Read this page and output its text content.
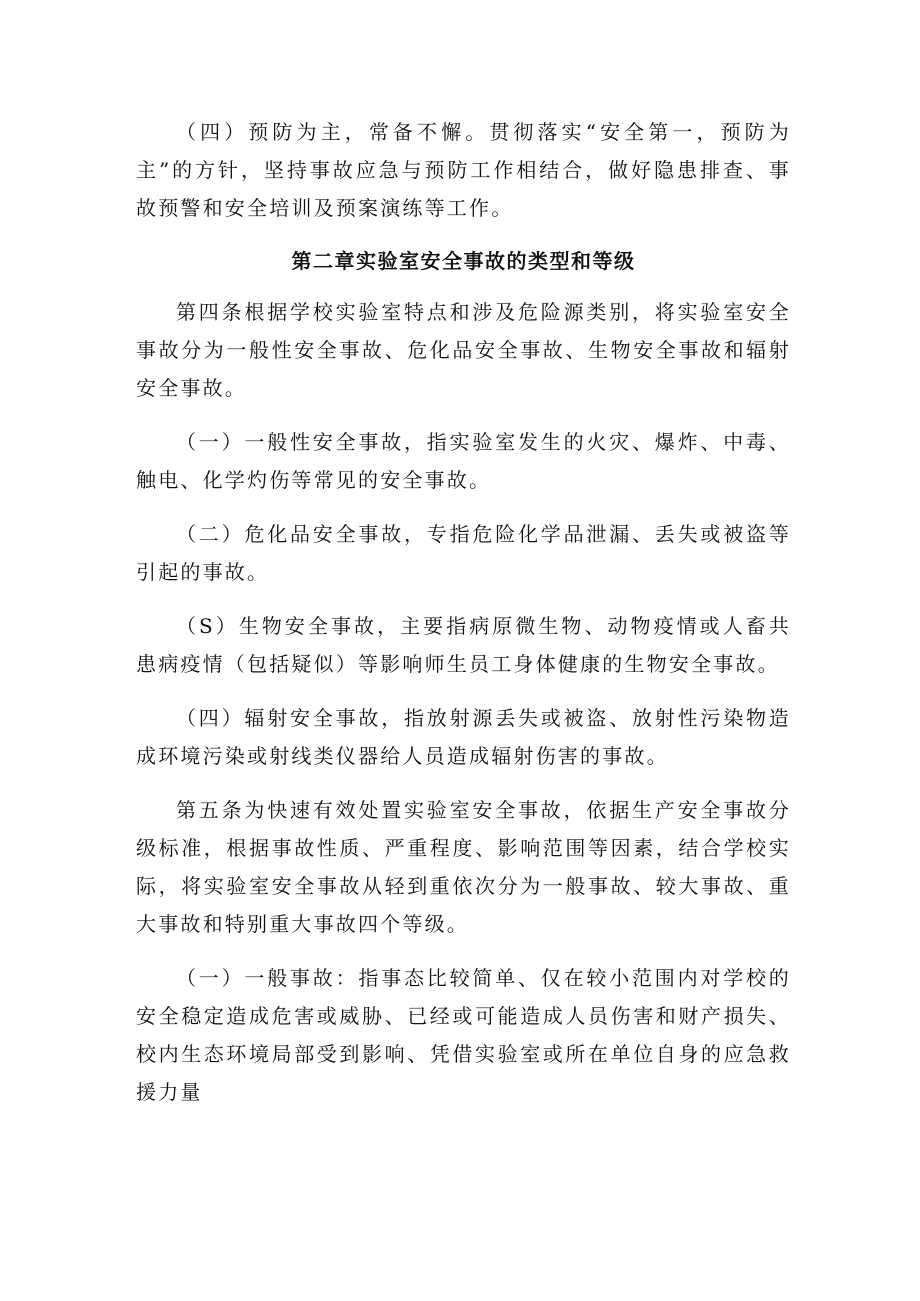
（四）预防为主，常备不懈。贯彻落实“安全第一，预防为主”的方针，坚持事故应急与预防工作相结合，做好隐患排查、事故预警和安全培训及预案演练等工作。

第二章实验室安全事故的类型和等级

第四条根据学校实验室特点和涉及危险源类别，将实验室安全事故分为一般性安全事故、危化品安全事故、生物安全事故和辐射安全事故。

（一）一般性安全事故，指实验室发生的火灾、爆炸、中毒、触电、化学灼伤等常见的安全事故。

（二）危化品安全事故，专指危险化学品泄漏、丢失或被盗等引起的事故。

（S）生物安全事故，主要指病原微生物、动物疫情或人畜共患病疫情（包括疑似）等影响师生员工身体健康的生物安全事故。

（四）辐射安全事故，指放射源丢失或被盗、放射性污染物造成环境污染或射线类仪器给人员造成辐射伤害的事故。

第五条为快速有效处置实验室安全事故，依据生产安全事故分级标准，根据事故性质、严重程度、影响范围等因素，结合学校实际，将实验室安全事故从轻到重依次分为一般事故、较大事故、重大事故和特别重大事故四个等级。

（一）一般事故：指事态比较简单、仅在较小范围内对学校的安全稳定造成危害或威胁、已经或可能造成人员伤害和财产损失、校内生态环境局部受到影响、凭借实验室或所在单位自身的应急救援力量
